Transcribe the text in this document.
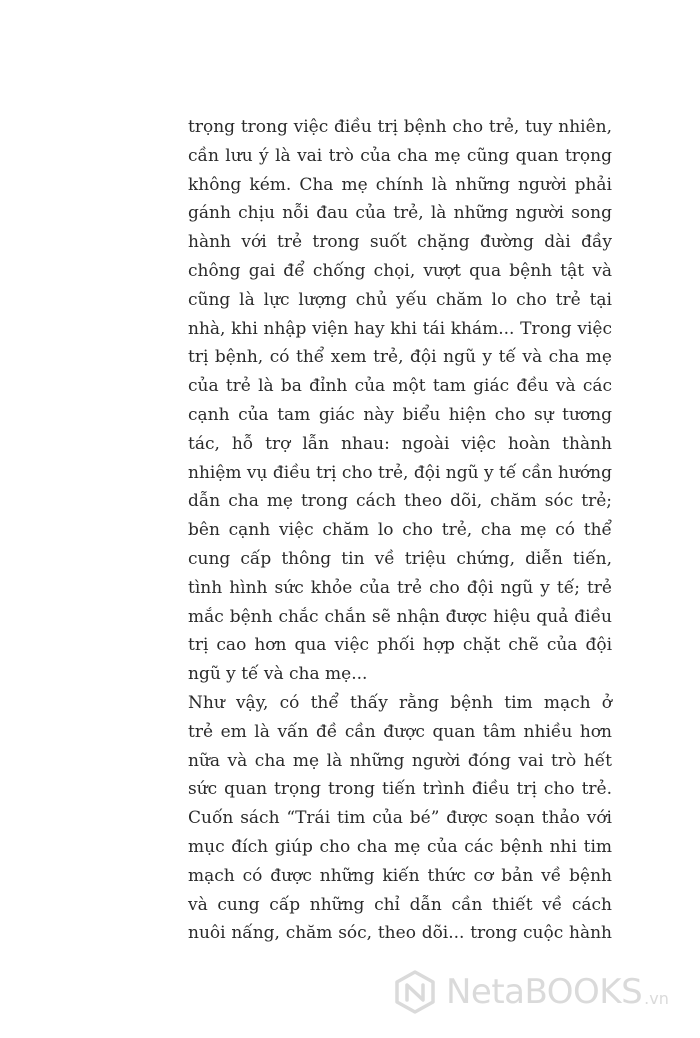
trọng trong việc điều trị bệnh cho trẻ, tuy nhiên,
cần lưu ý là vai trò của cha mẹ cũng quan trọng
không kém. Cha mẹ chính là những người phải
gánh chịu nỗi đau của trẻ, là những người song
hành với trẻ trong suốt chặng đường dài đầy
chông gai để chống chọi, vượt qua bệnh tật và
cũng là lực lượng chủ yếu chăm lo cho trẻ tại
nhà, khi nhập viện hay khi tái khám... Trong việc
trị bệnh, có thể xem trẻ, đội ngũ y tế và cha mẹ
của trẻ là ba đỉnh của một tam giác đều và các
cạnh của tam giác này biểu hiện cho sự tương
tác, hỗ trợ lẫn nhau: ngoài việc hoàn thành
nhiệm vụ điều trị cho trẻ, đội ngũ y tế cần hướng
dẫn cha mẹ trong cách theo dõi, chăm sóc trẻ;
bên cạnh việc chăm lo cho trẻ, cha mẹ có thể
cung cấp thông tin về triệu chứng, diễn tiến,
tình hình sức khỏe của trẻ cho đội ngũ y tế; trẻ
mắc bệnh chắc chắn sẽ nhận được hiệu quả điều
trị cao hơn qua việc phối hợp chặt chẽ của đội
ngũ y tế và cha mẹ...
Như vậy, có thể thấy rằng bệnh tim mạch ở
trẻ em là vấn đề cần được quan tâm nhiều hơn
nữa và cha mẹ là những người đóng vai trò hết
sức quan trọng trong tiến trình điều trị cho trẻ.
Cuốn sách “Trái tim của bé” được soạn thảo với
mục đích giúp cho cha mẹ của các bệnh nhi tim
mạch có được những kiến thức cơ bản về bệnh
và cung cấp những chỉ dẫn cần thiết về cách
nuôi nấng, chăm sóc, theo dõi... trong cuộc hành
NetaBOOKS .vn
